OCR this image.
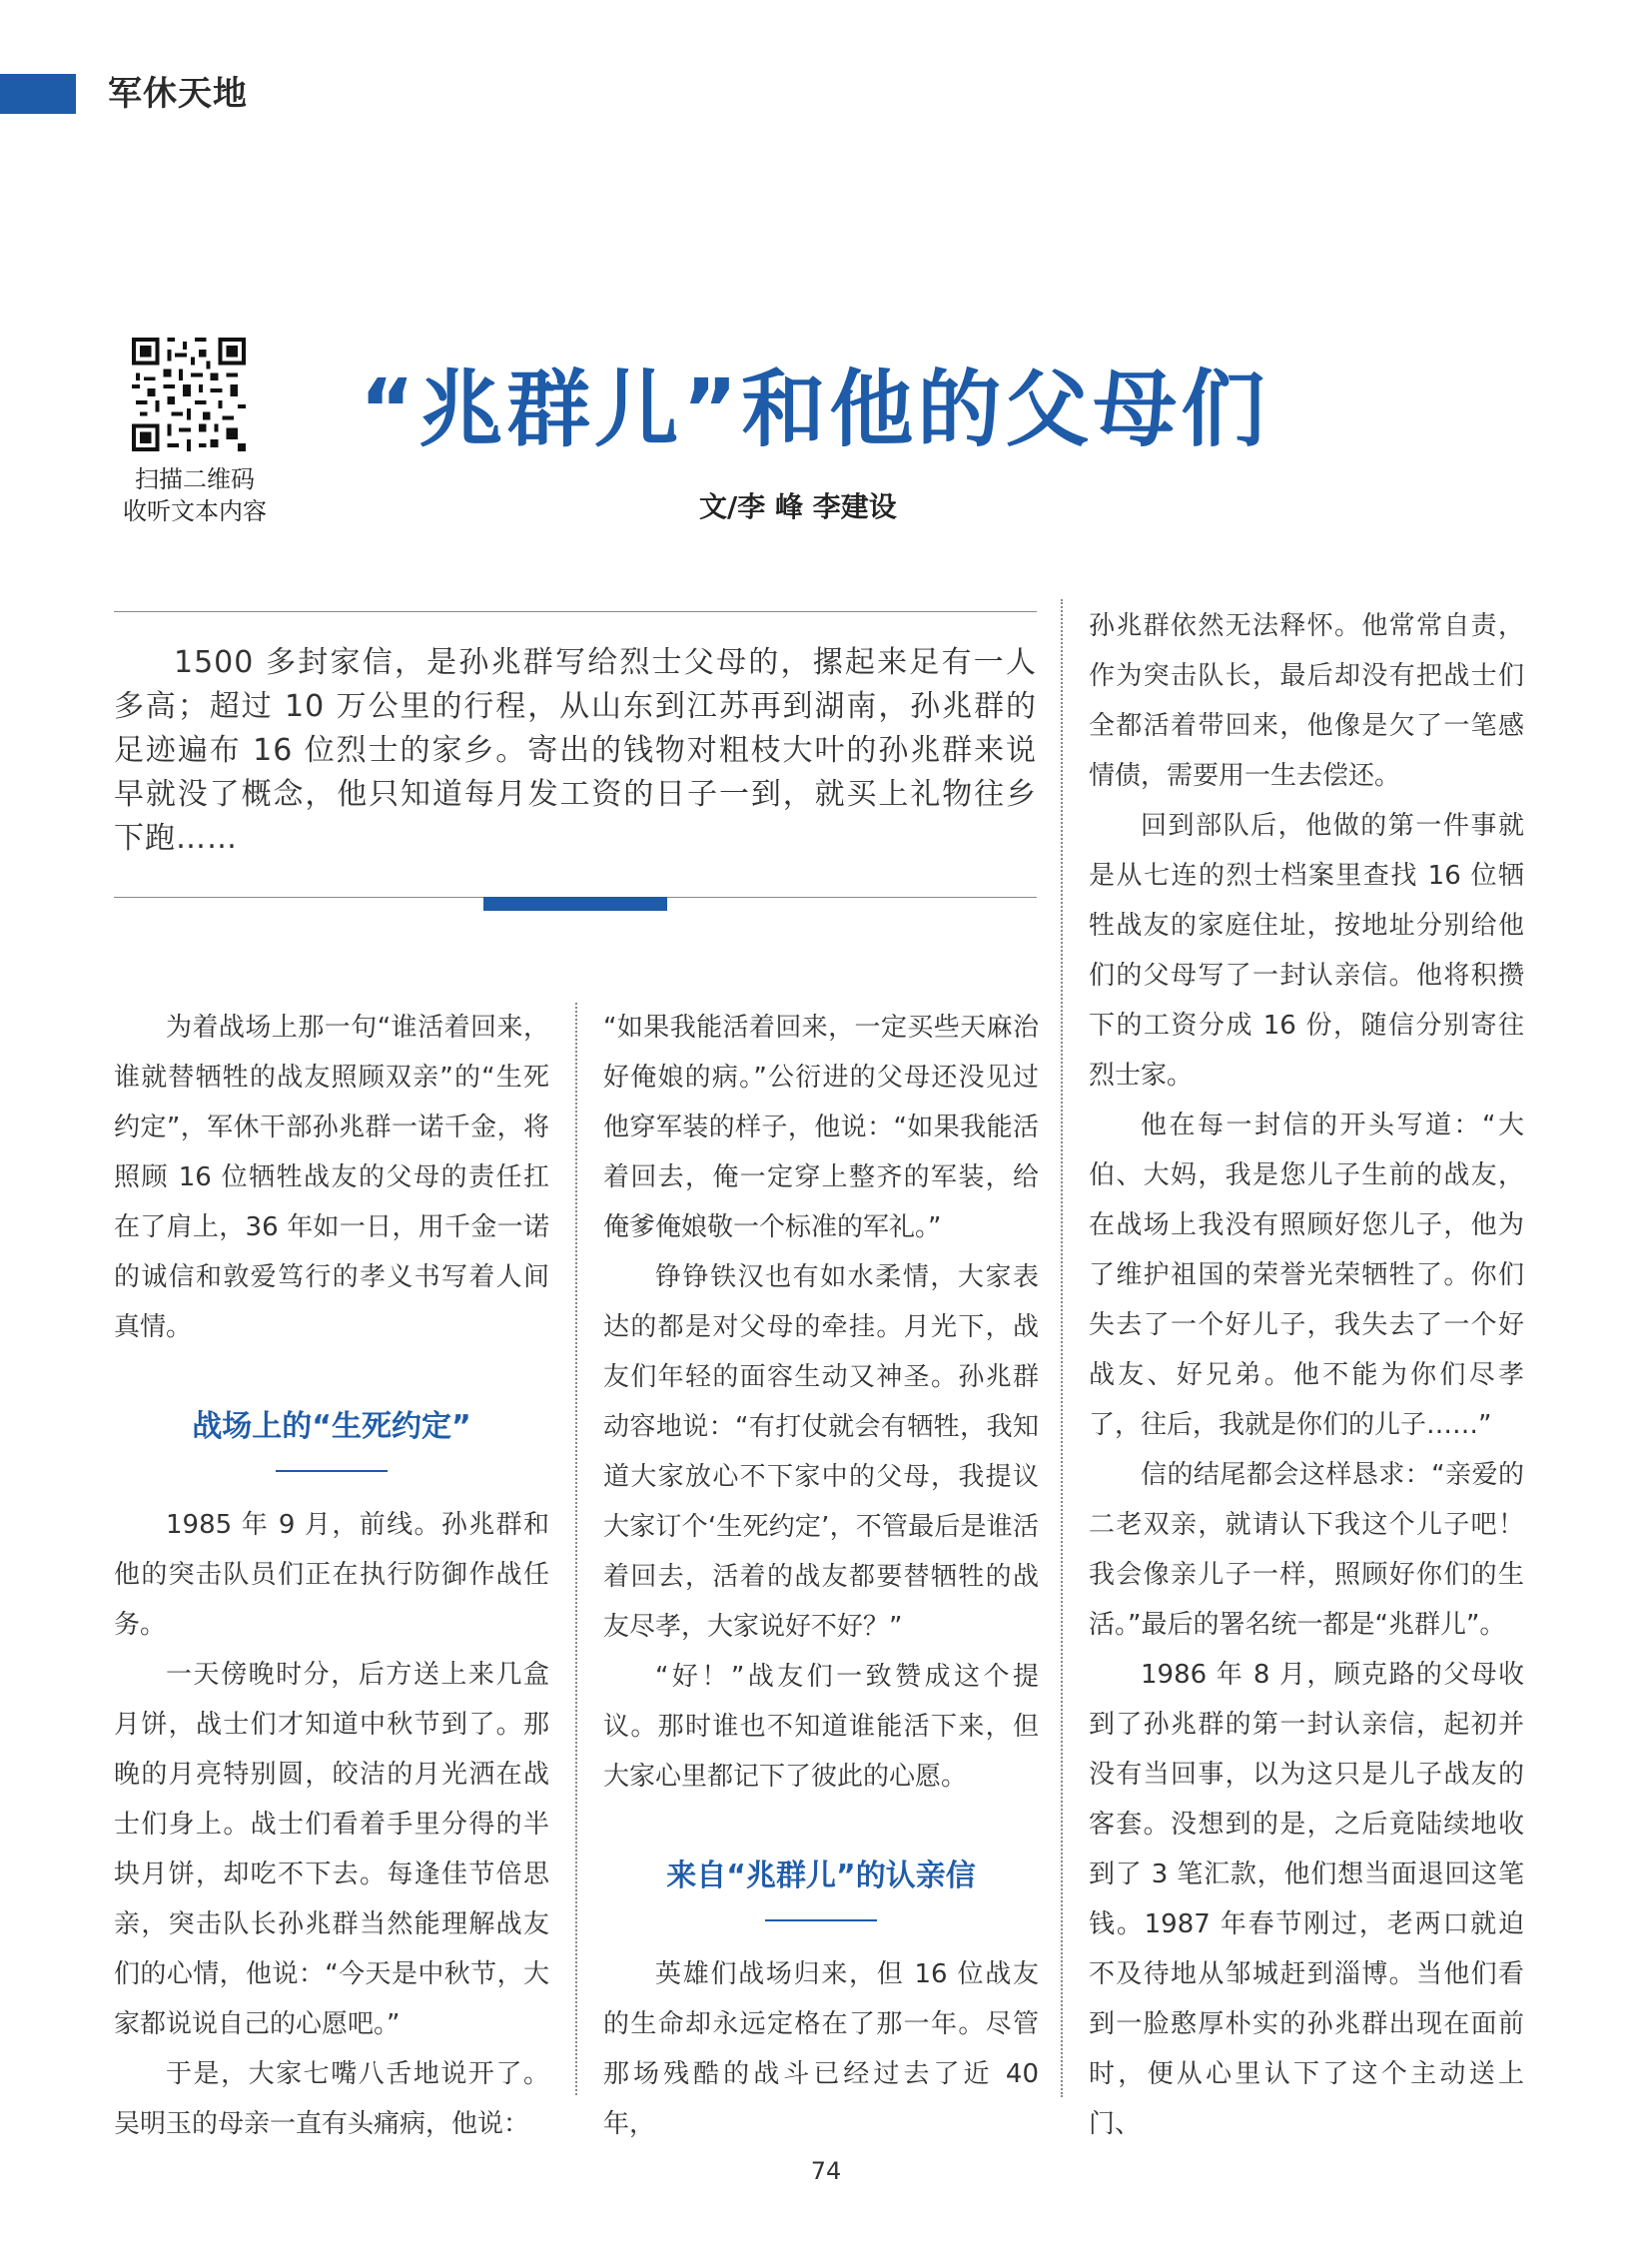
军休天地
扫描二维码
收听文本内容
“兆群儿”和他的父母们
文/李 峰 李建设
1500 多封家信，是孙兆群写给烈士父母的，摞起来足有一人多高；超过 10 万公里的行程，从山东到江苏再到湖南，孙兆群的足迹遍布 16 位烈士的家乡。寄出的钱物对粗枝大叶的孙兆群来说早就没了概念，他只知道每月发工资的日子一到，就买上礼物往乡下跑……

为着战场上那一句“谁活着回来，谁就替牺牲的战友照顾双亲”的“生死约定”，军休干部孙兆群一诺千金，将照顾 16 位牺牲战友的父母的责任扛在了肩上，36 年如一日，用千金一诺的诚信和敦爱笃行的孝义书写着人间真情。

战场上的“生死约定”

1985 年 9 月，前线。孙兆群和他的突击队员们正在执行防御作战任务。

一天傍晚时分，后方送上来几盒月饼，战士们才知道中秋节到了。那晚的月亮特别圆，皎洁的月光洒在战士们身上。战士们看着手里分得的半块月饼，却吃不下去。每逢佳节倍思亲，突击队长孙兆群当然能理解战友们的心情，他说：“今天是中秋节，大家都说说自己的心愿吧。”

于是，大家七嘴八舌地说开了。吴明玉的母亲一直有头痛病，他说：

“如果我能活着回来，一定买些天麻治好俺娘的病。”公衍进的父母还没见过他穿军装的样子，他说：“如果我能活着回去，俺一定穿上整齐的军装，给俺爹俺娘敬一个标准的军礼。”

铮铮铁汉也有如水柔情，大家表达的都是对父母的牵挂。月光下，战友们年轻的面容生动又神圣。孙兆群动容地说：“有打仗就会有牺牲，我知道大家放心不下家中的父母，我提议大家订个‘生死约定’，不管最后是谁活着回去，活着的战友都要替牺牲的战友尽孝，大家说好不好？”

“好！”战友们一致赞成这个提议。那时谁也不知道谁能活下来，但大家心里都记下了彼此的心愿。

来自“兆群儿”的认亲信

英雄们战场归来，但 16 位战友的生命却永远定格在了那一年。尽管那场残酷的战斗已经过去了近 40 年，

孙兆群依然无法释怀。他常常自责，作为突击队长，最后却没有把战士们全都活着带回来，他像是欠了一笔感情债，需要用一生去偿还。

回到部队后，他做的第一件事就是从七连的烈士档案里查找 16 位牺牲战友的家庭住址，按地址分别给他们的父母写了一封认亲信。他将积攒下的工资分成 16 份，随信分别寄往烈士家。

他在每一封信的开头写道：“大伯、大妈，我是您儿子生前的战友，在战场上我没有照顾好您儿子，他为了维护祖国的荣誉光荣牺牲了。你们失去了一个好儿子，我失去了一个好战友、好兄弟。他不能为你们尽孝了，往后，我就是你们的儿子……”

信的结尾都会这样恳求：“亲爱的二老双亲，就请认下我这个儿子吧！我会像亲儿子一样，照顾好你们的生活。”最后的署名统一都是“兆群儿”。

1986 年 8 月，顾克路的父母收到了孙兆群的第一封认亲信，起初并没有当回事，以为这只是儿子战友的客套。没想到的是，之后竟陆续地收到了 3 笔汇款，他们想当面退回这笔钱。1987 年春节刚过，老两口就迫不及待地从邹城赶到淄博。当他们看到一脸憨厚朴实的孙兆群出现在面前时，便从心里认下了这个主动送上门、

74
